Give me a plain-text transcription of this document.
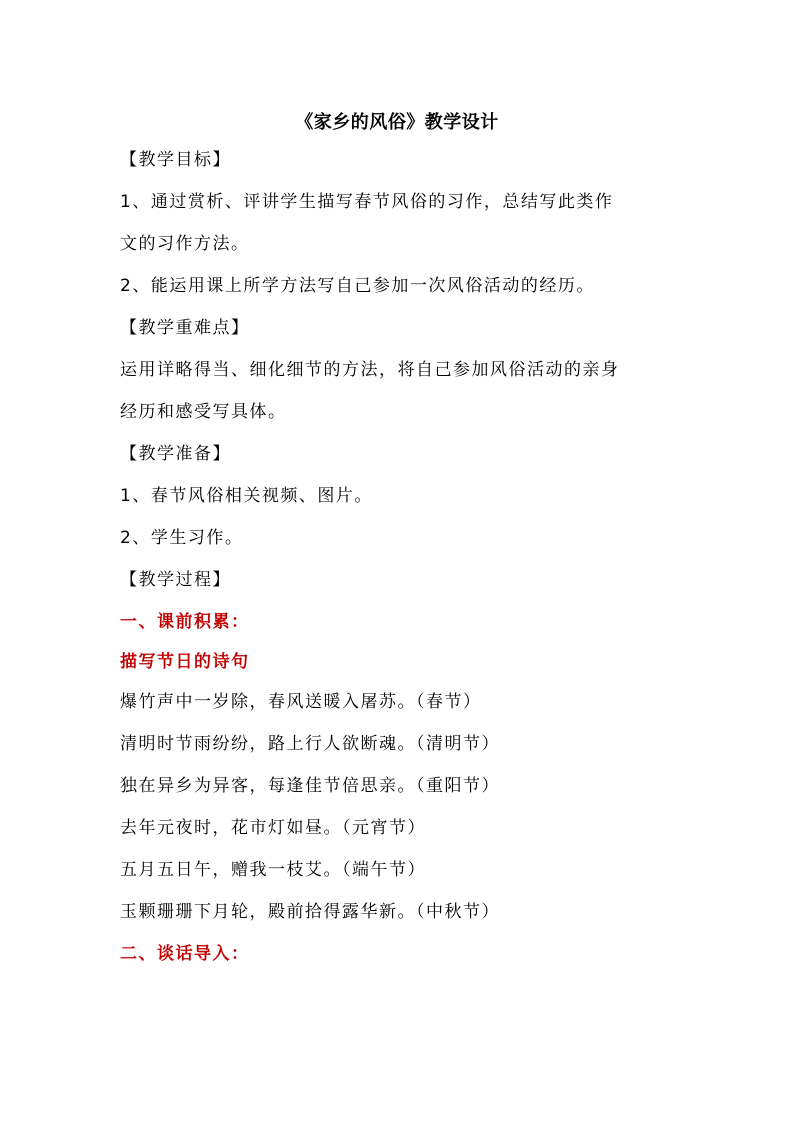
《家乡的风俗》教学设计
【教学目标】
1、通过赏析、评讲学生描写春节风俗的习作，总结写此类作
文的习作方法。
2、能运用课上所学方法写自己参加一次风俗活动的经历。
【教学重难点】
运用详略得当、细化细节的方法，将自己参加风俗活动的亲身
经历和感受写具体。
【教学准备】
1、春节风俗相关视频、图片。
2、学生习作。
【教学过程】
一、课前积累：
描写节日的诗句
爆竹声中一岁除，春风送暖入屠苏。（春节）
清明时节雨纷纷，路上行人欲断魂。（清明节）
独在异乡为异客，每逢佳节倍思亲。（重阳节）
去年元夜时，花市灯如昼。（元宵节）
五月五日午，赠我一枝艾。（端午节）
玉颗珊珊下月轮，殿前拾得露华新。（中秋节）
二、谈话导入：
